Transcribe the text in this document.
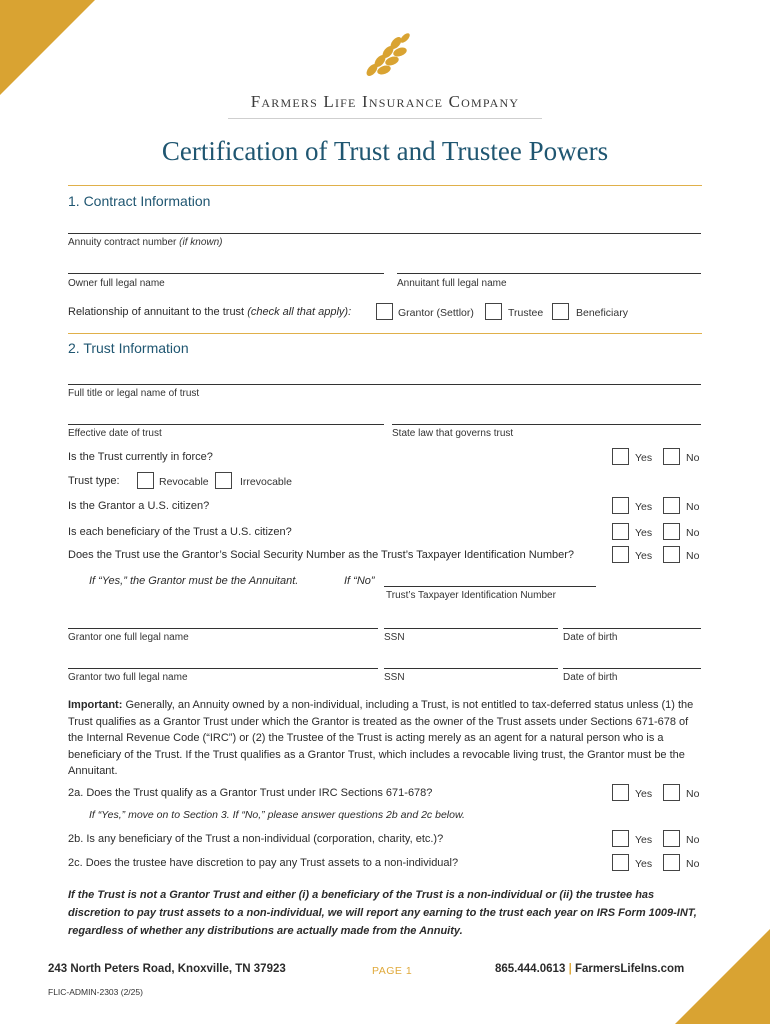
Farmers Life Insurance Company
Certification of Trust and Trustee Powers
1. Contract Information
Annuity contract number (if known)
Owner full legal name	Annuitant full legal name
Relationship of annuitant to the trust (check all that apply):	Grantor (Settlor)	Trustee	Beneficiary
2. Trust Information
Full title or legal name of trust
Effective date of trust	State law that governs trust
Is the Trust currently in force?	Yes	No
Trust type:	Revocable	Irrevocable
Is the Grantor a U.S. citizen?	Yes	No
Is each beneficiary of the Trust a U.S. citizen?	Yes	No
Does the Trust use the Grantor’s Social Security Number as the Trust’s Taxpayer Identification Number?	Yes	No
If “Yes,” the Grantor must be the Annuitant.	If “No”
Trust’s Taxpayer Identification Number
Grantor one full legal name	SSN	Date of birth
Grantor two full legal name	SSN	Date of birth
Important: Generally, an Annuity owned by a non-individual, including a Trust, is not entitled to tax-deferred status unless (1) the Trust qualifies as a Grantor Trust under which the Grantor is treated as the owner of the Trust assets under Sections 671-678 of the Internal Revenue Code (“IRC”) or (2) the Trustee of the Trust is acting merely as an agent for a natural person who is a beneficiary of the Trust. If the Trust qualifies as a Grantor Trust, which includes a revocable living trust, the Grantor must be the Annuitant.
2a. Does the Trust qualify as a Grantor Trust under IRC Sections 671-678?	Yes	No
If “Yes,” move on to Section 3. If “No,” please answer questions 2b and 2c below.
2b. Is any beneficiary of the Trust a non-individual (corporation, charity, etc.)?	Yes	No
2c. Does the trustee have discretion to pay any Trust assets to a non-individual?	Yes	No
If the Trust is not a Grantor Trust and either (i) a beneficiary of the Trust is a non-individual or (ii) the trustee has discretion to pay trust assets to a non-individual, we will report any earning to the trust each year on IRS Form 1009-INT, regardless of whether any distributions are actually made from the Annuity.
243 North Peters Road, Knoxville, TN 37923	PAGE 1	865.444.0613 | FarmersLifeIns.com
FLIC-ADMIN-2303 (2/25)
